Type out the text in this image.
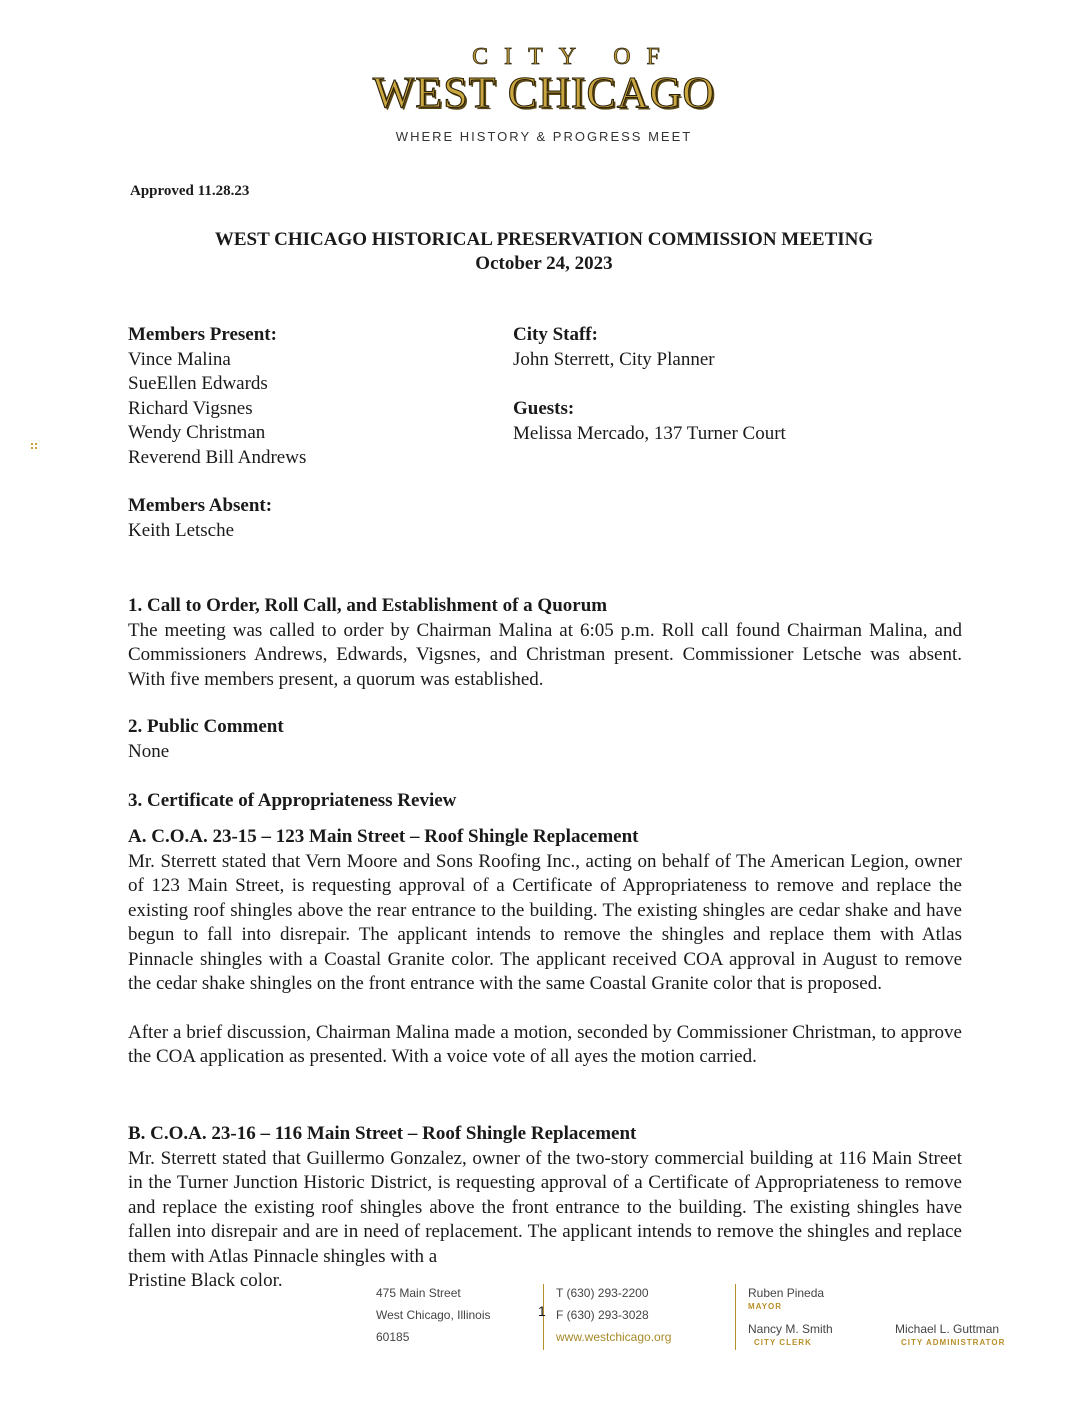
CITY OF
WEST CHICAGO
WHERE HISTORY & PROGRESS MEET
Approved 11.28.23
WEST CHICAGO HISTORICAL PRESERVATION COMMISSION MEETING
October 24, 2023
Members Present:
Vince Malina
SueEllen Edwards
Richard Vigsnes
Wendy Christman
Reverend Bill Andrews
Members Absent:
Keith Letsche
City Staff:
John Sterrett, City Planner
Guests:
Melissa Mercado, 137 Turner Court
1. Call to Order, Roll Call, and Establishment of a Quorum

The meeting was called to order by Chairman Malina at 6:05 p.m. Roll call found Chairman Malina, and Commissioners Andrews, Edwards, Vigsnes, and Christman present. Commissioner Letsche was absent. With five members present, a quorum was established.

2. Public Comment

None

3. Certificate of Appropriateness Review
A. C.O.A. 23-15 – 123 Main Street – Roof Shingle Replacement

Mr. Sterrett stated that Vern Moore and Sons Roofing Inc., acting on behalf of The American Legion, owner of 123 Main Street, is requesting approval of a Certificate of Appropriateness to remove and replace the existing roof shingles above the rear entrance to the building. The existing shingles are cedar shake and have begun to fall into disrepair. The applicant intends to remove the shingles and replace them with Atlas Pinnacle shingles with a Coastal Granite color. The applicant received COA approval in August to remove the cedar shake shingles on the front entrance with the same Coastal Granite color that is proposed.

After a brief discussion, Chairman Malina made a motion, seconded by Commissioner Christman, to approve the COA application as presented. With a voice vote of all ayes the motion carried.

B. C.O.A. 23-16 – 116 Main Street – Roof Shingle Replacement

Mr. Sterrett stated that Guillermo Gonzalez, owner of the two-story commercial building at 116 Main Street in the Turner Junction Historic District, is requesting approval of a Certificate of Appropriateness to remove and replace the existing roof shingles above the front entrance to the building. The existing shingles have fallen into disrepair and are in need of replacement. The applicant intends to remove the shingles and replace them with Atlas Pinnacle shingles with a

Pristine Black color.
475 Main Street
West Chicago, Illinois
60185
1
T (630) 293-2200
F (630) 293-3028
www.westchicago.org
Ruben Pineda
MAYOR
Nancy M. Smith
CITY CLERK
Michael L. Guttman
CITY ADMINISTRATOR
